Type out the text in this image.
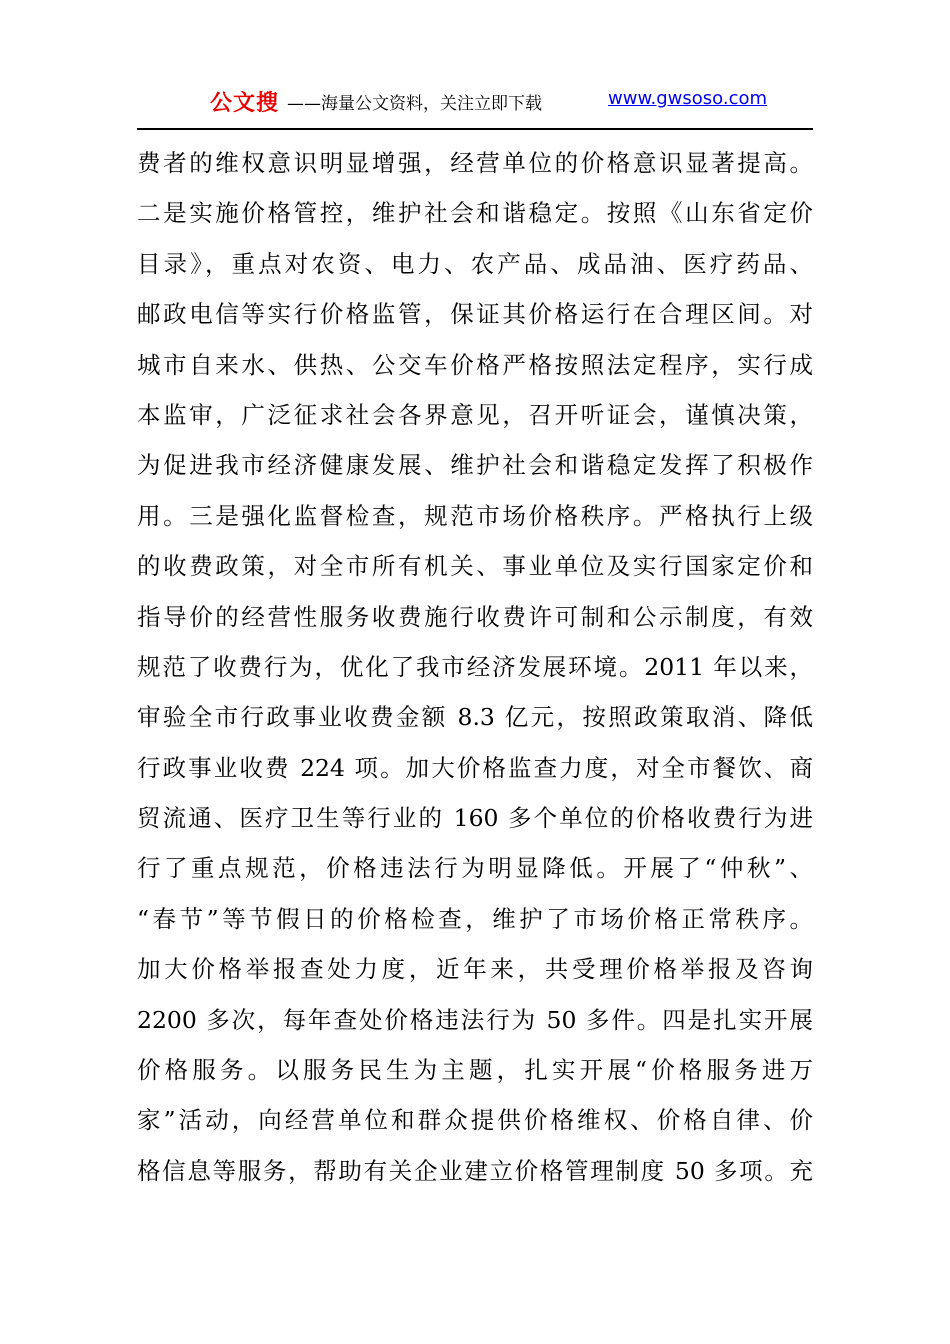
公文搜 ——海量公文资料，关注立即下载	www.gwsoso.com
费者的维权意识明显增强，经营单位的价格意识显著提高。
二是实施价格管控，维护社会和谐稳定。按照《山东省定价
目录》，重点对农资、电力、农产品、成品油、医疗药品、
邮政电信等实行价格监管，保证其价格运行在合理区间。对
城市自来水、供热、公交车价格严格按照法定程序，实行成
本监审，广泛征求社会各界意见，召开听证会，谨慎决策，
为促进我市经济健康发展、维护社会和谐稳定发挥了积极作
用。三是强化监督检查，规范市场价格秩序。严格执行上级
的收费政策，对全市所有机关、事业单位及实行国家定价和
指导价的经营性服务收费施行收费许可制和公示制度，有效
规范了收费行为，优化了我市经济发展环境。2011 年以来，
审验全市行政事业收费金额 8.3 亿元，按照政策取消、降低
行政事业收费 224 项。加大价格监查力度，对全市餐饮、商
贸流通、医疗卫生等行业的 160 多个单位的价格收费行为进
行了重点规范，价格违法行为明显降低。开展了“仲秋”、
“春节”等节假日的价格检查，维护了市场价格正常秩序。
加大价格举报查处力度，近年来，共受理价格举报及咨询
2200 多次，每年查处价格违法行为 50 多件。四是扎实开展
价格服务。以服务民生为主题，扎实开展“价格服务进万
家”活动，向经营单位和群众提供价格维权、价格自律、价
格信息等服务，帮助有关企业建立价格管理制度 50 多项。充
